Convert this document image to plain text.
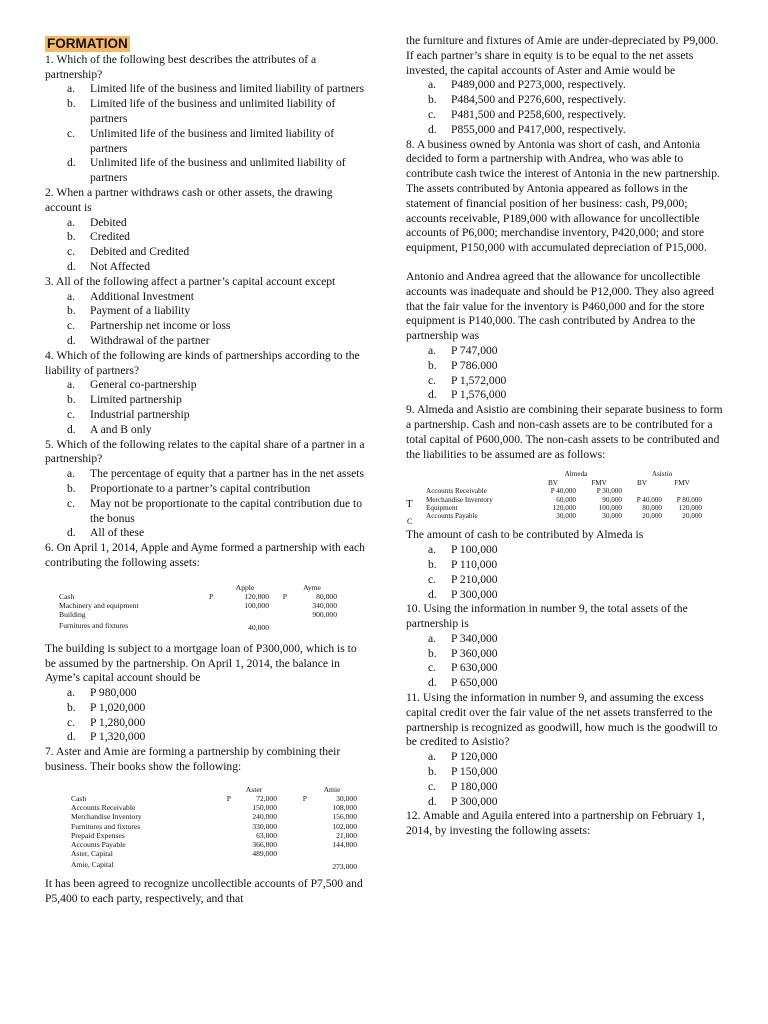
FORMATION

1. Which of the following best describes the attributes of a partnership?

a.	Limited life of the business and limited liability of partners
b.	Limited life of the business and unlimited liability of partners
c.	Unlimited life of the business and limited liability of partners
d.	Unlimited life of the business and unlimited liability of partners

2. When a partner withdraws cash or other assets, the drawing account is

a.	Debited
b.	Credited
c.	Debited and Credited
d.	Not Affected

3. All of the following affect a partner’s capital account except

a.	Additional Investment
b.	Payment of a liability
c.	Partnership net income or loss
d.	Withdrawal of the partner

4. Which of the following are kinds of partnerships according to the liability of partners?

a.	General co-partnership
b.	Limited partnership
c.	Industrial partnership
d.	A and B only

5. Which of the following relates to the capital share of a partner in a partnership?

a.	The percentage of equity that a partner has in the net assets
b.	Proportionate to a partner’s capital contribution
c.	May not be proportionate to the capital contribution due to the bonus
d.	All of these

6. On April 1, 2014, Apple and Ayme formed a partnership with each contributing the following assets:

		Apple		Ayme
Cash	P	120,000	P	80,000
Machinery and equipment		100,000		340,000
Building				900,000
Furnitures and fixtures		40,000		

The building is subject to a mortgage loan of P300,000, which is to be assumed by the partnership. On April 1, 2014, the balance in Ayme’s capital account should be

a.	P 980,000
b.	P 1,020,000
c.	P 1,280,000
d.	P 1,320,000

7. Aster and Amie are forming a partnership by combining their business. Their books show the following:

		Aster		Amie
Cash	P	72,000	P	30,000
Accounts Receivable		150,000		108,000
Merchandise Inventory		240,000		156,000
Furnitures and fixtures		330,000		102,000
Prepaid Expenses		63,000		21,000
Accounts Payable		366,000		144,000
Aster, Capital		489,000		
Amie, Capital				273,000

It has been agreed to recognize uncollectible accounts of P7,500 and P5,400 to each party, respectively, and that

the furniture and fixtures of Amie are under-depreciated by P9,000. If each partner’s share in equity is to be equal to the net assets invested, the capital accounts of Aster and Amie would be

a.	P489,000 and P273,000, respectively.
b.	P484,500 and P276,600, respectively.
c.	P481,500 and P258,600, respectively.
d.	P855,000 and P417,000, respectively.

8. A business owned by Antonia was short of cash, and Antonia decided to form a partnership with Andrea, who was able to contribute cash twice the interest of Antonia in the new partnership. The assets contributed by Antonia appeared as follows in the statement of financial position of her business: cash, P9,000; accounts receivable, P189,000 with allowance for uncollectible accounts of P6,000; merchandise inventory, P420,000; and store equipment, P150,000 with accumulated depreciation of P15,000.

Antonio and Andrea agreed that the allowance for uncollectible accounts was inadequate and should be P12,000. They also agreed that the fair value for the inventory is P460,000 and for the store equipment is P140,000. The cash contributed by Andrea to the partnership was

a.	P 747,000
b.	P 786.000
c.	P 1,572,000
d.	P 1,576,000

9. Almeda and Asistio are combining their separate business to form a partnership. Cash and non-cash assets are to be contributed for a total capital of P600,000. The non-cash assets to be contributed and the liabilities to be assumed are as follows:

T
C
	Almeda		Asistio	
	BV	FMV	BV	FMV
Accounts Receivable	P 40,000	P 30,000		
Merchandise Inventory	60,000	90,000	P 40,000	P 80,000
Equipment	120,000	100,000	80,000	120,000
Accounts Payable	30,000	30,000	20,000	20,000

The amount of cash to be contributed by Almeda is

a.	P 100,000
b.	P 110,000
c.	P 210,000
d.	P 300,000

10. Using the information in number 9, the total assets of the partnership is

a.	P 340,000
b.	P 360,000
c.	P 630,000
d.	P 650,000

11. Using the information in number 9, and assuming the excess capital credit over the fair value of the net assets transferred to the partnership is recognized as goodwill, how much is the goodwill to be credited to Asistio?

a.	P 120,000
b.	P 150,000
c.	P 180,000
d.	P 300,000

12. Amable and Aguila entered into a partnership on February 1, 2014, by investing the following assets:
